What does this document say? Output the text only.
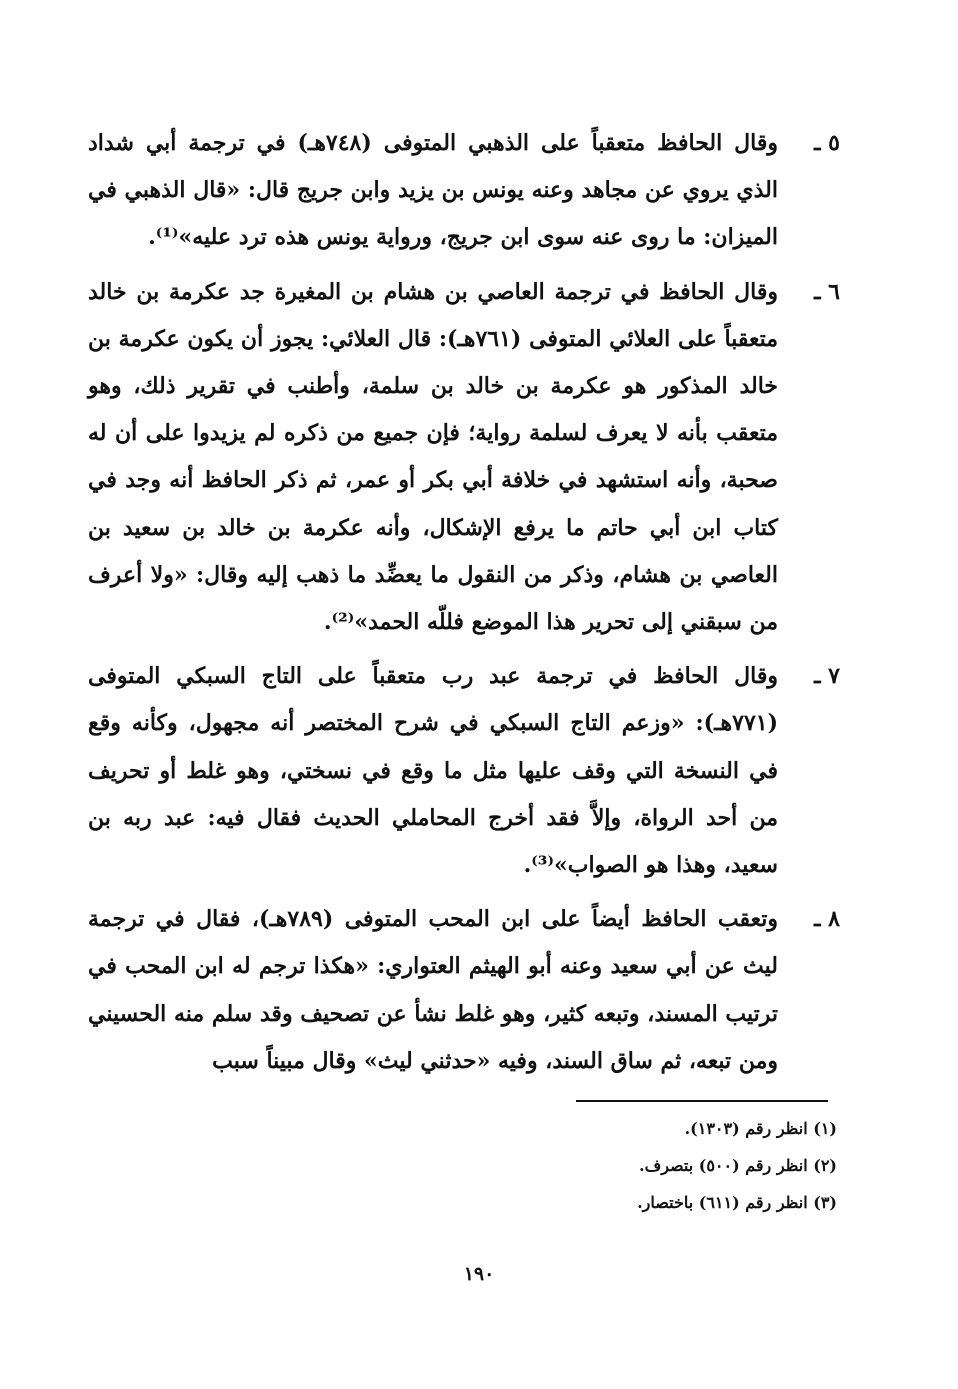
٥ ـ

وقال الحافظ متعقباً على الذهبي المتوفى (٧٤٨هـ) في ترجمة أبي شداد الذي يروي عن مجاهد وعنه يونس بن يزيد وابن جريج قال: «قال الذهبي في الميزان: ما روى عنه سوى ابن جريج، ورواية يونس هذه ترد عليه»⁽¹⁾.

٦ ـ

وقال الحافظ في ترجمة العاصي بن هشام بن المغيرة جد عكرمة بن خالد متعقباً على العلائي المتوفى (٧٦١هـ): قال العلائي: يجوز أن يكون عكرمة بن خالد المذكور هو عكرمة بن خالد بن سلمة، وأطنب في تقرير ذلك، وهو متعقب بأنه لا يعرف لسلمة رواية؛ فإن جميع من ذكره لم يزيدوا على أن له صحبة، وأنه استشهد في خلافة أبي بكر أو عمر، ثم ذكر الحافظ أنه وجد في كتاب ابن أبي حاتم ما يرفع الإشكال، وأنه عكرمة بن خالد بن سعيد بن العاصي بن هشام، وذكر من النقول ما يعضِّد ما ذهب إليه وقال: «ولا أعرف من سبقني إلى تحرير هذا الموضع فللّه الحمد»⁽²⁾.

٧ ـ

وقال الحافظ في ترجمة عبد رب متعقباً على التاج السبكي المتوفى (٧٧١هـ): «وزعم التاج السبكي في شرح المختصر أنه مجهول، وكأنه وقع في النسخة التي وقف عليها مثل ما وقع في نسختي، وهو غلط أو تحريف من أحد الرواة، وإلاَّ فقد أخرج المحاملي الحديث فقال فيه: عبد ربه بن سعيد، وهذا هو الصواب»⁽³⁾.

٨ ـ

وتعقب الحافظ أيضاً على ابن المحب المتوفى (٧٨٩هـ)، فقال في ترجمة ليث عن أبي سعيد وعنه أبو الهيثم العتواري: «هكذا ترجم له ابن المحب في ترتيب المسند، وتبعه كثير، وهو غلط نشأ عن تصحيف وقد سلم منه الحسيني ومن تبعه، ثم ساق السند، وفيه «حدثني ليث» وقال مبيناً سبب

(١) انظر رقم (١٣٠٣).
(٢) انظر رقم (٥٠٠) بتصرف.
(٣) انظر رقم (٦١١) باختصار.
١٩٠
